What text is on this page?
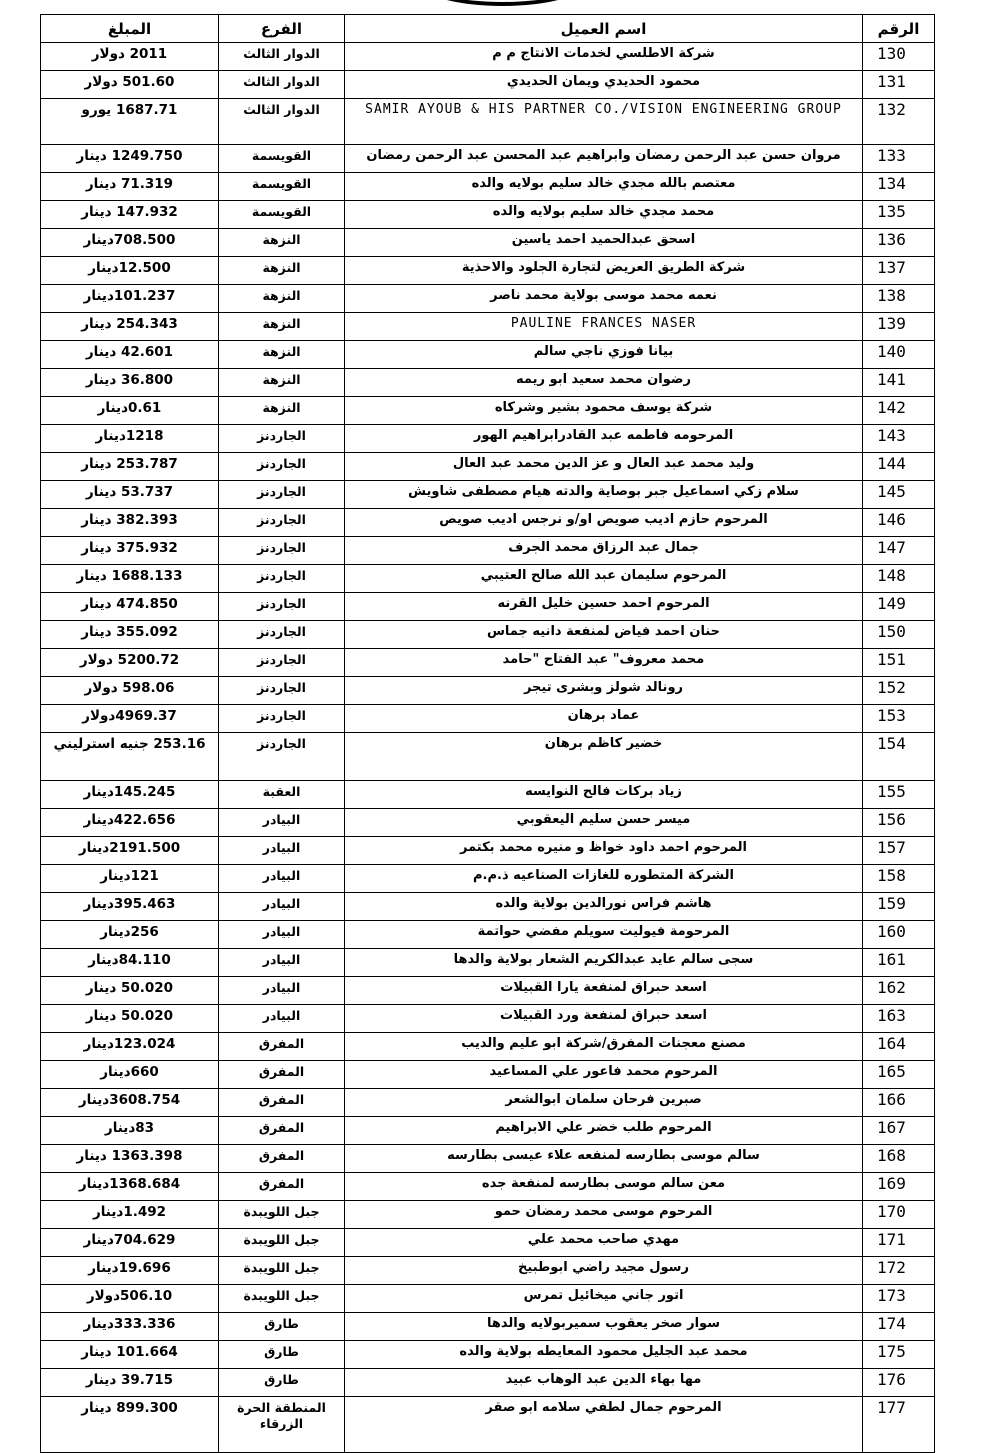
الرقم	اسم العميل	الفرع	المبلغ
130	شركة الاطلسي لخدمات الانتاج م م	الدوار الثالث	2011 دولار
131	محمود الحديدي ويمان الحديدي	الدوار الثالث	501.60 دولار
132	SAMIR AYOUB & HIS PARTNER CO./VISION ENGINEERING GROUP	الدوار الثالث	1687.71 يورو
133	مروان حسن عبد الرحمن رمضان وابراهيم عبد المحسن عبد الرحمن رمضان	القويسمة	1249.750 دينار
134	معتصم بالله مجدي خالد سليم بولايه والده	القويسمة	71.319 دينار
135	محمد مجدي خالد سليم بولايه والده	القويسمة	147.932 دينار
136	اسحق عبدالحميد احمد ياسين	النزهة	708.500دينار
137	شركة الطريق العريض لتجارة الجلود والاحذية	النزهة	12.500دينار
138	نعمه محمد موسى بولاية محمد ناصر	النزهة	101.237دينار
139	PAULINE FRANCES NASER	النزهة	254.343 دينار
140	بيانا فوزي ناجي سالم	النزهة	42.601 دينار
141	رضوان محمد سعيد ابو ريمه	النزهة	36.800 دينار
142	شركة يوسف محمود بشير وشركاه	النزهة	0.61دينار
143	المرحومه فاطمه عبد القادرابراهيم الهور	الجاردنز	1218دينار
144	وليد محمد عبد العال و عز الدين محمد عبد العال	الجاردنز	253.787 دينار
145	سلام زكي اسماعيل جبر بوصاية والدته هيام مصطفى شاويش	الجاردنز	53.737 دينار
146	المرحوم حازم اديب صويص او/و نرجس اديب صويص	الجاردنز	382.393 دينار
147	جمال عبد الرزاق محمد الجرف	الجاردنز	375.932 دينار
148	المرحوم سليمان عبد الله صالح العتيبي	الجاردنز	1688.133 دينار
149	المرحوم احمد حسين خليل القرنه	الجاردنز	474.850 دينار
150	حنان احمد فياض لمنفعة دانيه جماس	الجاردنز	355.092 دينار
151	محمد معروف" عبد الفتاح "حامد	الجاردنز	5200.72 دولار
152	رونالد شولز وبشرى تيجر	الجاردنز	598.06 دولار
153	عماد برهان	الجاردنز	4969.37دولار
154	خضير كاظم برهان	الجاردنز	253.16 جنيه استرليني
155	زياد بركات فالح النوايسه	العقبة	145.245دينار
156	ميسر حسن سليم اليعقوبي	البيادر	422.656دينار
157	المرحوم احمد داود خواظ و منيره محمد بكتمر	البيادر	2191.500دينار
158	الشركة المتطوره للغازات الصناعيه ذ.م.م	البيادر	121دينار
159	هاشم فراس نورالدين بولاية والده	البيادر	395.463دينار
160	المرحومة فيوليت سويلم مفضي حواتمة	البيادر	256دينار
161	سجى سالم عايد عبدالكريم الشعار بولاية والدها	البيادر	84.110دينار
162	اسعد حبراق لمنفعة يارا القبيلات	البيادر	50.020 دينار
163	اسعد حبراق لمنفعة ورد القبيلات	البيادر	50.020 دينار
164	مصنع معجنات المفرق/شركة ابو عليم والديب	المفرق	123.024دينار
165	المرحوم محمد فاعور علي المساعيد	المفرق	660دينار
166	صبرين فرحان سلمان ابوالشعر	المفرق	3608.754دينار
167	المرحوم طلب خضر علي الابراهيم	المفرق	83دينار
168	سالم موسى بطارسه لمنفعه علاء عيسى بطارسه	المفرق	1363.398 دينار
169	معن سالم موسى بطارسه لمنفعة جده	المفرق	1368.684دينار
170	المرحوم موسى محمد رمضان حمو	جبل اللويبدة	1.492دينار
171	مهدي صاحب محمد علي	جبل اللويبدة	704.629دينار
172	رسول مجيد راضي ابوطبيخ	جبل اللويبدة	19.696دينار
173	اتور جاني ميخائيل تمرس	جبل اللويبدة	506.10دولار
174	سوار صخر يعقوب سميربولايه والدها	طارق	333.336دينار
175	محمد عبد الجليل محمود المعايطه بولاية والده	طارق	101.664 دينار
176	مها بهاء الدين عبد الوهاب عبيد	طارق	39.715 دينار
177	المرحوم جمال لطفي سلامه ابو صقر	المنطقة الحرة الزرقاء	899.300 دينار
